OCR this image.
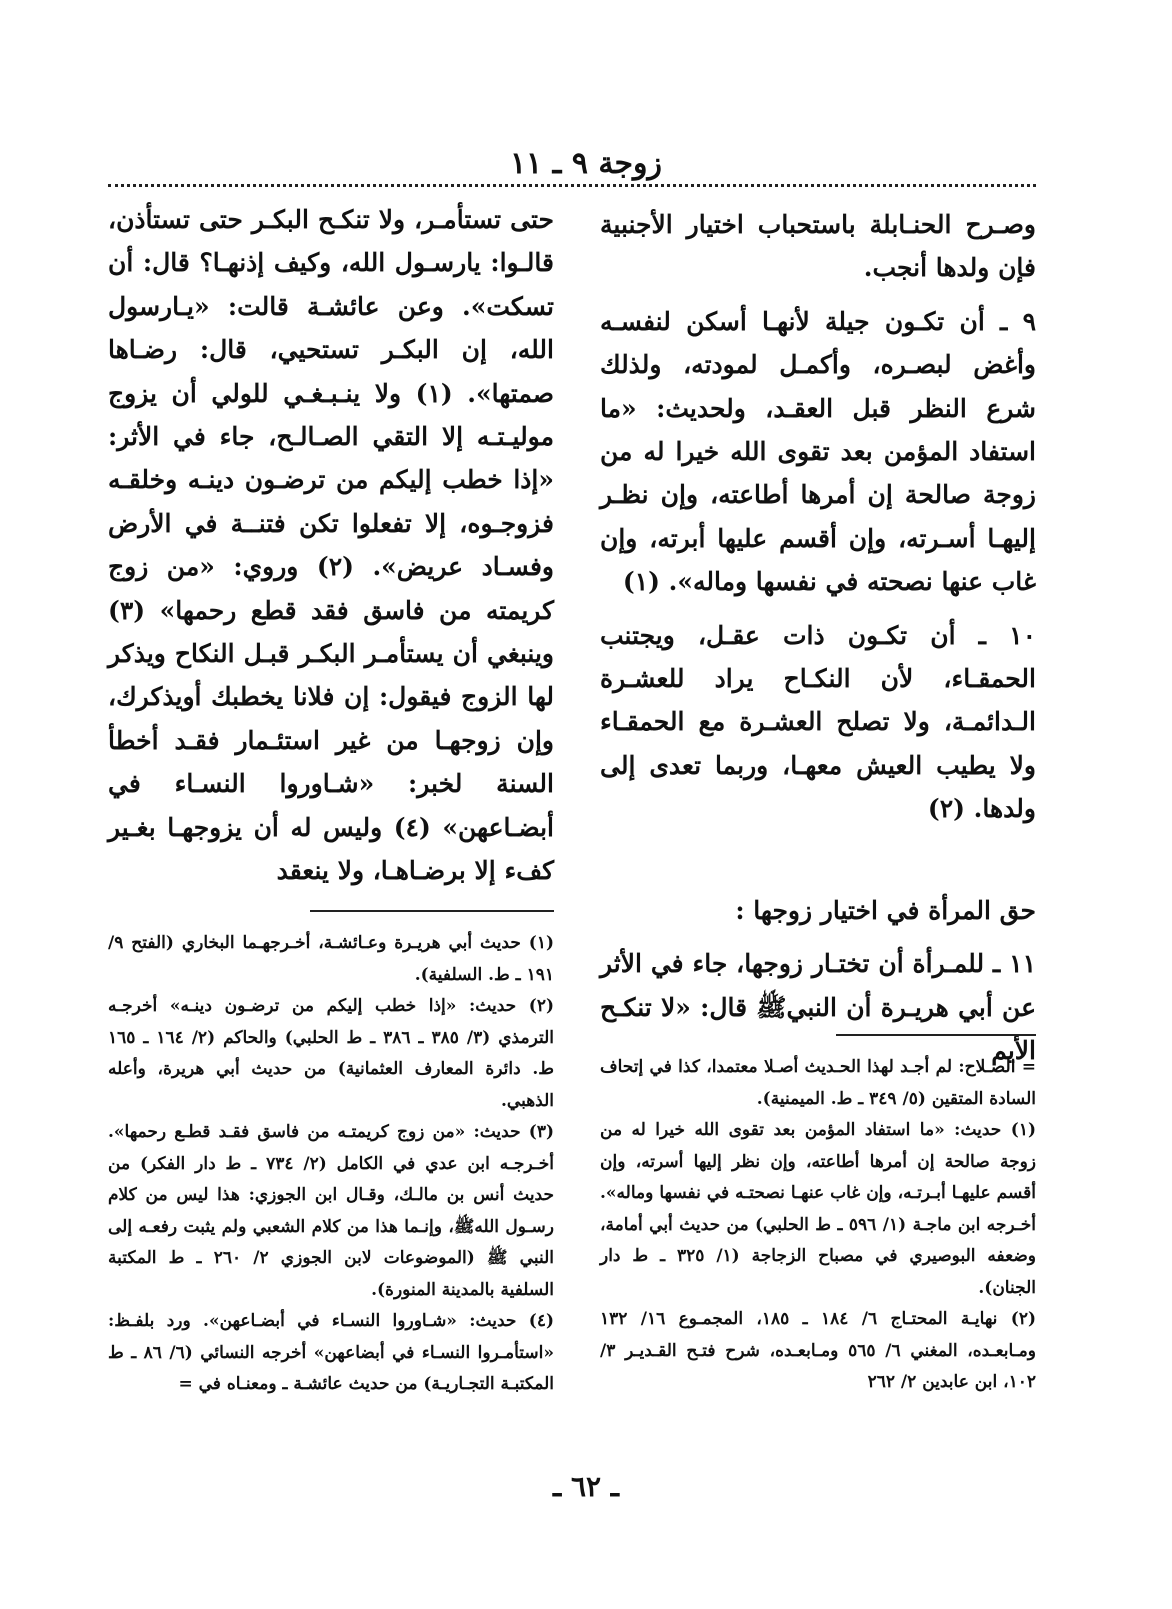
زوجة ٩ ـ ١١

وصـرح الحنـابلة باستحباب اختيار الأجنبية فإن ولدها أنجب.

٩ ـ أن تكـون جيلة لأنهـا أسكن لنفسـه وأغض لبصـره، وأكمـل لمودته، ولذلك شرع النظر قبل العقـد، ولحديث: «ما استفاد المؤمن بعد تقوى الله خيرا له من زوجة صالحة إن أمرها أطاعته، وإن نظـر إليهـا أسـرته، وإن أقسم عليها أبرته، وإن غاب عنها نصحته في نفسها وماله». (١)

١٠ ـ أن تكـون ذات عقـل، ويجتنب الحمقـاء، لأن النكـاح يراد للعشـرة الـدائمـة، ولا تصلح العشـرة مع الحمقـاء ولا يطيب العيش معهـا، وربما تعدى إلى ولدها. (٢)

حق المرأة في اختيار زوجها :

١١ ـ للمـرأة أن تختـار زوجها، جاء في الأثر عن أبي هريـرة أن النبيﷺ قال: «لا تنكـح الأيم

حتى تستأمـر، ولا تنكـح البكـر حتى تستأذن، قالـوا: يارسـول الله، وكيف إذنهـا؟ قال: أن تسكت». وعن عائشـة قالت: «يـارسول الله، إن البكـر تستحيي، قال: رضـاها صمتها». (١) ولا ينـبـغـي للولي أن يزوج موليـتـه إلا التقي الصـالـح، جاء في الأثر: «إذا خطب إليكم من ترضـون دينـه وخلقـه فزوجـوه، إلا تفعلوا تكن فتنــة في الأرض وفسـاد عريض». (٢) وروي: «من زوج كريمته من فاسق فقد قطع رحمها» (٣) وينبغي أن يستأمـر البكـر قبـل النكاح ويذكر لها الزوج فيقول: إن فلانا يخطبك أويذكرك، وإن زوجهـا من غير استئـمار فقـد أخطأ السنة لخبر: «شـاوروا النسـاء في أبضـاعهن» (٤) وليس له أن يزوجهـا بغـير كفء إلا برضـاهـا، ولا ينعقد

= الصـلاح: لم أجـد لهذا الحـديث أصـلا معتمدا، كذا في إتحاف السادة المتقين (٥/ ٣٤٩ ـ ط. الميمنية).

(١) حديث: «ما استفاد المؤمن بعد تقوى الله خيرا له من زوجة صالحة إن أمرها أطاعته، وإن نظر إليها أسرته، وإن أقسم عليهـا أبـرتـه، وإن غاب عنهـا نصحتـه في نفسها وماله». أخـرجه ابن ماجـة (١/ ٥٩٦ ـ ط الحلبي) من حديث أبي أمامة، وضعفه البوصيري في مصباح الزجاجة (١/ ٣٢٥ ـ ط دار الجنان).

(٢) نهايـة المحتـاج ٦/ ١٨٤ ـ ١٨٥، المجمـوع ١٦/ ١٣٢ ومـابعـده، المغني ٦/ ٥٦٥ ومـابعـده، شرح فتـح القـديـر ٣/ ١٠٢، ابن عابدين ٢/ ٢٦٢

(١) حديث أبي هريـرة وعـائشـة، أخـرجهـما البخاري (الفتح ٩/ ١٩١ ـ ط. السلفية).

(٢) حديث: «إذا خطب إليكم من ترضـون دينـه» أخرجـه الترمذي (٣/ ٣٨٥ ـ ٣٨٦ ـ ط الحلبي) والحاكم (٢/ ١٦٤ ـ ١٦٥ ط. دائرة المعارف العثمانية) من حديث أبي هريرة، وأعله الذهبي.

(٣) حديث: «من زوج كريمتـه من فاسق فقـد قطـع رحمها». أخـرجـه ابن عدي في الكامل (٢/ ٧٣٤ ـ ط دار الفكر) من حديث أنس بن مالـك، وقـال ابن الجوزي: هذا ليس من كلام رسـول اللهﷺ، وإنـما هذا من كلام الشعبي ولم يثبت رفعـه إلى النبي ﷺ (الموضوعات لابن الجوزي ٢/ ٢٦٠ ـ ط المكتبة السلفية بالمدينة المنورة).

(٤) حديث: «شـاوروا النسـاء في أبضـاعهن». ورد بلفـظ: «استأمـروا النسـاء في أبضاعهن» أخرجه النسائي (٦/ ٨٦ ـ ط المكتبـة التجـاريـة) من حديث عائشـة ـ ومعنـاه في =

ـ ٦٢ ـ
